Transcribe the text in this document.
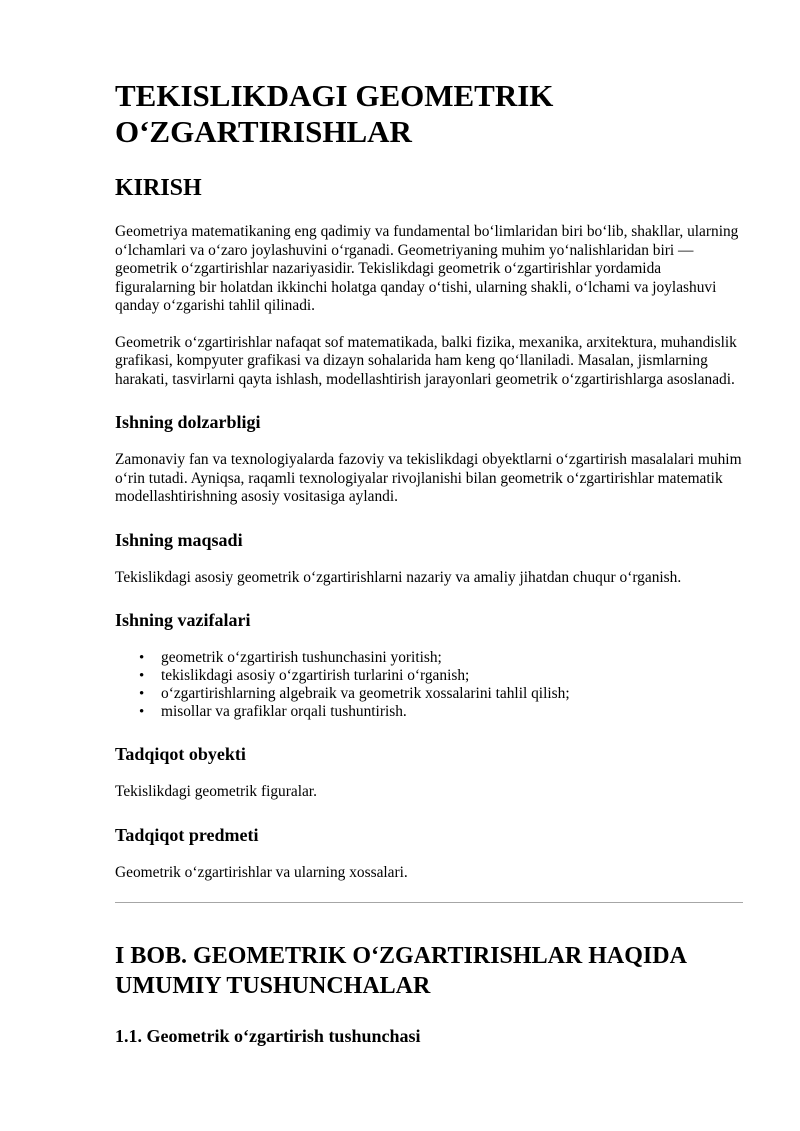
TEKISLIKDAGI GEOMETRIK O‘ZGARTIRISHLAR
KIRISH

Geometriya matematikaning eng qadimiy va fundamental bo‘limlaridan biri bo‘lib, shakllar, ularning o‘lchamlari va o‘zaro joylashuvini o‘rganadi. Geometriyaning muhim yo‘nalishlaridan biri — geometrik o‘zgartirishlar nazariyasidir. Tekislikdagi geometrik o‘zgartirishlar yordamida figuralarning bir holatdan ikkinchi holatga qanday o‘tishi, ularning shakli, o‘lchami va joylashuvi qanday o‘zgarishi tahlil qilinadi.

Geometrik o‘zgartirishlar nafaqat sof matematikada, balki fizika, mexanika, arxitektura, muhandislik grafikasi, kompyuter grafikasi va dizayn sohalarida ham keng qo‘llaniladi. Masalan, jismlarning harakati, tasvirlarni qayta ishlash, modellashtirish jarayonlari geometrik o‘zgartirishlarga asoslanadi.

Ishning dolzarbligi

Zamonaviy fan va texnologiyalarda fazoviy va tekislikdagi obyektlarni o‘zgartirish masalalari muhim o‘rin tutadi. Ayniqsa, raqamli texnologiyalar rivojlanishi bilan geometrik o‘zgartirishlar matematik modellashtirishning asosiy vositasiga aylandi.

Ishning maqsadi

Tekislikdagi asosiy geometrik o‘zgartirishlarni nazariy va amaliy jihatdan chuqur o‘rganish.

Ishning vazifalari
• geometrik o‘zgartirish tushunchasini yoritish;
• tekislikdagi asosiy o‘zgartirish turlarini o‘rganish;
• o‘zgartirishlarning algebraik va geometrik xossalarini tahlil qilish;
• misollar va grafiklar orqali tushuntirish.
Tadqiqot obyekti

Tekislikdagi geometrik figuralar.

Tadqiqot predmeti

Geometrik o‘zgartirishlar va ularning xossalari.

I BOB. GEOMETRIK O‘ZGARTIRISHLAR HAQIDA UMUMIY TUSHUNCHALAR
1.1. Geometrik o‘zgartirish tushunchasi
